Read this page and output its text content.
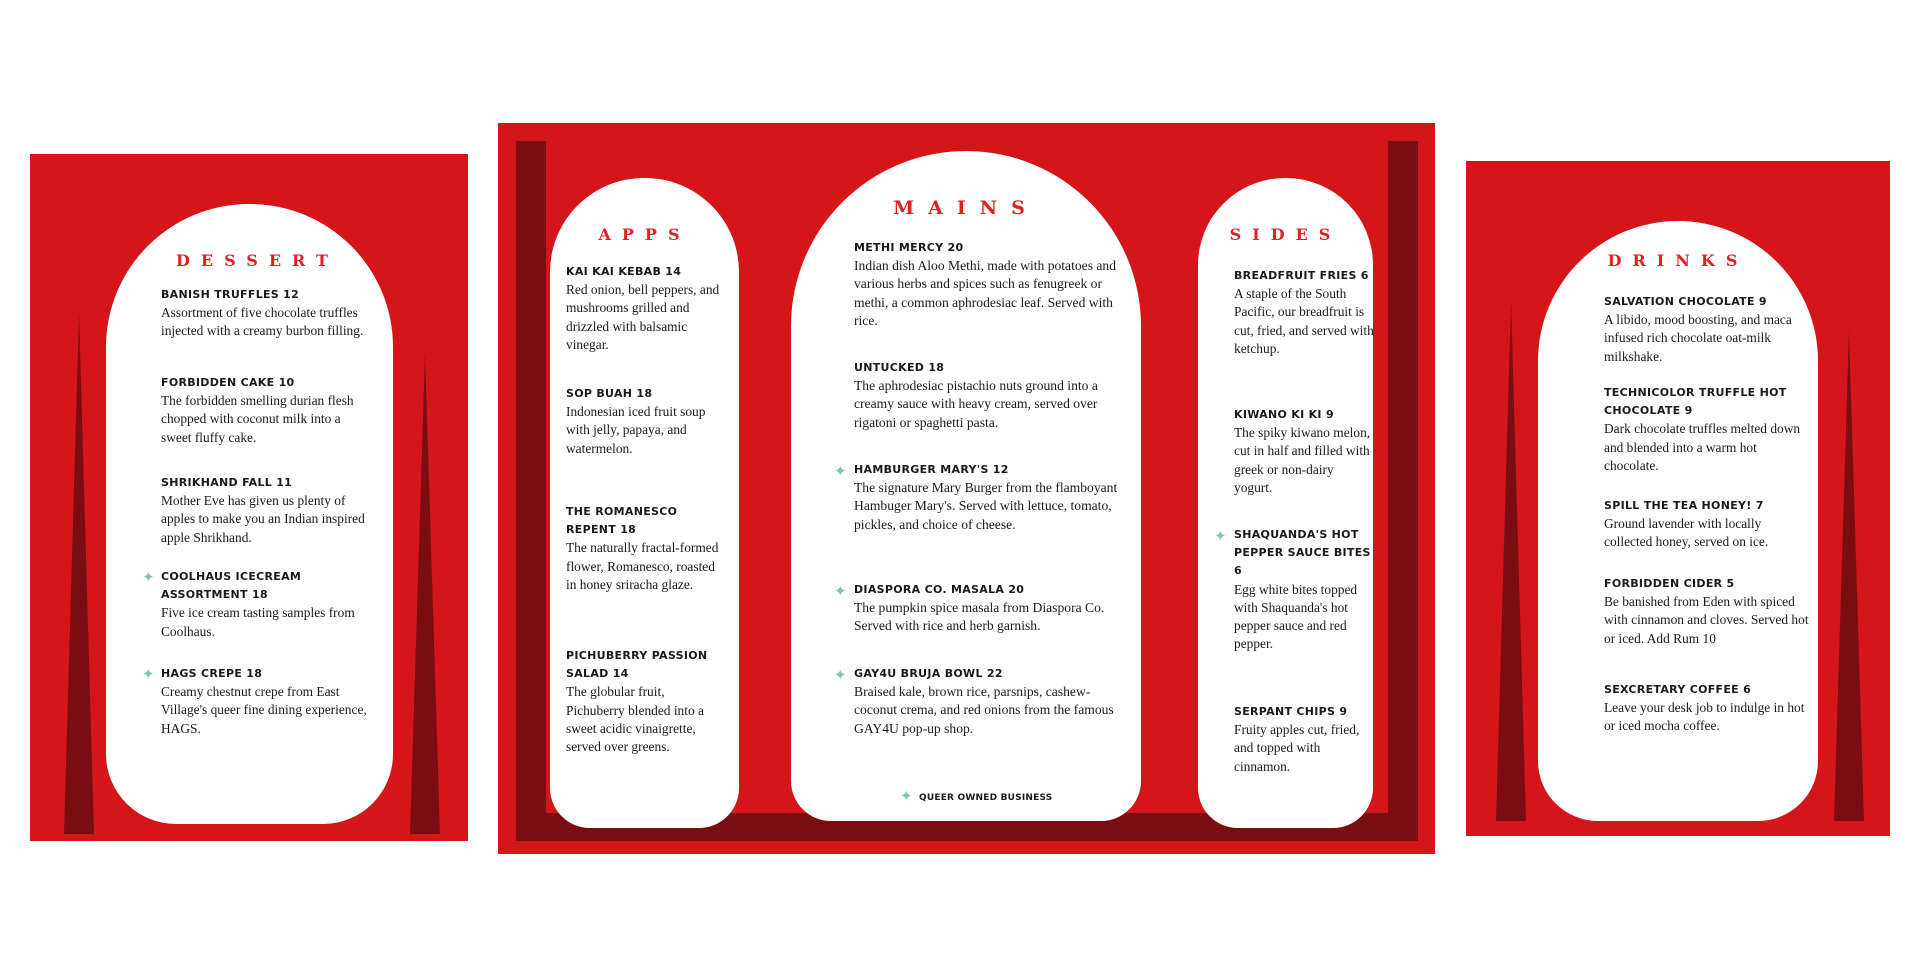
DESSERT
BANISH TRUFFLES 12
Assortment of five chocolate truffles injected with a creamy burbon filling.
FORBIDDEN CAKE 10
The forbidden smelling durian flesh chopped with coconut milk into a sweet fluffy cake.
SHRIKHAND FALL 11
Mother Eve has given us plenty of apples to make you an Indian inspired apple Shrikhand.
✦ COOLHAUS ICECREAM ASSORTMENT 18
Five ice cream tasting samples from Coolhaus.
✦ HAGS CREPE 18
Creamy chestnut crepe from East Village's queer fine dining experience, HAGS.
APPS
KAI KAI KEBAB 14
Red onion, bell peppers, and mushrooms grilled and drizzled with balsamic vinegar.
SOP BUAH 18
Indonesian iced fruit soup with jelly, papaya, and watermelon.
THE ROMANESCO REPENT 18
The naturally fractal-formed flower, Romanesco, roasted in honey sriracha glaze.
PICHUBERRY PASSION SALAD 14
The globular fruit, Pichuberry blended into a sweet acidic vinaigrette, served over greens.
MAINS
METHI MERCY 20
Indian dish Aloo Methi, made with potatoes and various herbs and spices such as fenugreek or methi, a common aphrodesiac leaf. Served with rice.
UNTUCKED 18
The aphrodesiac pistachio nuts ground into a creamy sauce with heavy cream, served over rigatoni or spaghetti pasta.
✦ HAMBURGER MARY'S 12
The signature Mary Burger from the flamboyant Hambuger Mary's. Served with lettuce, tomato, pickles, and choice of cheese.
✦ DIASPORA CO. MASALA 20
The pumpkin spice masala from Diaspora Co. Served with rice and herb garnish.
✦ GAY4U BRUJA BOWL 22
Braised kale, brown rice, parsnips, cashew-coconut crema, and red onions from the famous GAY4U pop-up shop.
✦ QUEER OWNED BUSINESS
SIDES
BREADFRUIT FRIES 6
A staple of the South Pacific, our breadfruit is cut, fried, and served with ketchup.
KIWANO KI KI 9
The spiky kiwano melon, cut in half and filled with greek or non-dairy yogurt.
✦ SHAQUANDA'S HOT PEPPER SAUCE BITES 6
Egg white bites topped with Shaquanda's hot pepper sauce and red pepper.
SERPANT CHIPS 9
Fruity apples cut, fried, and topped with cinnamon.
DRINKS
SALVATION CHOCOLATE 9
A libido, mood boosting, and maca infused rich chocolate oat-milk milkshake.
TECHNICOLOR TRUFFLE HOT CHOCOLATE 9
Dark chocolate truffles melted down and blended into a warm hot chocolate.
SPILL THE TEA HONEY! 7
Ground lavender with locally collected honey, served on ice.
FORBIDDEN CIDER 5
Be banished from Eden with spiced with cinnamon and cloves. Served hot or iced. Add Rum 10
SEXCRETARY COFFEE 6
Leave your desk job to indulge in hot or iced mocha coffee.
